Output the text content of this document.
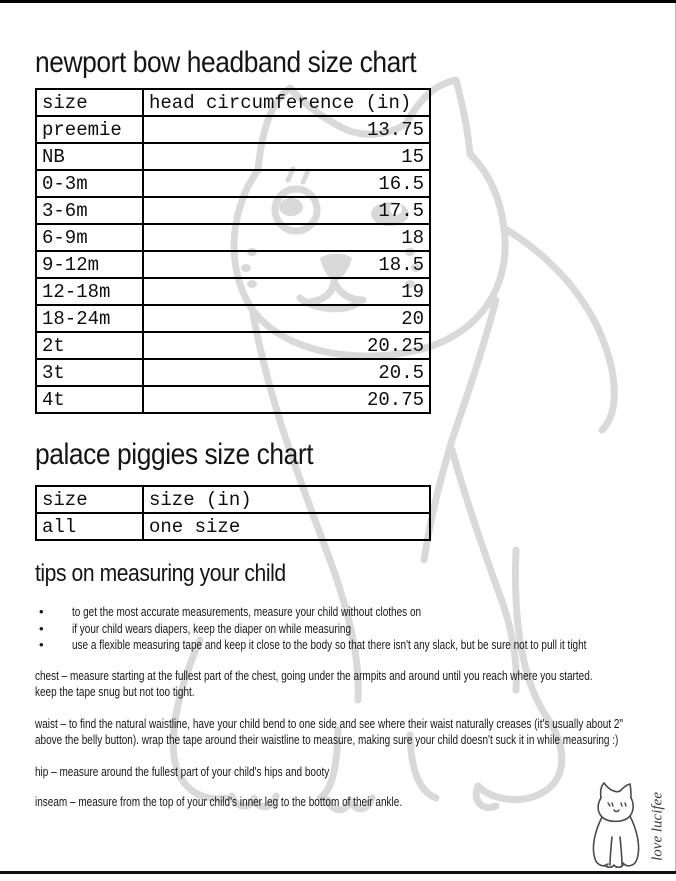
newport bow headband size chart
size	head circumference (in)
preemie	13.75
NB	15
0-3m	16.5
3-6m	17.5
6-9m	18
9-12m	18.5
12-18m	19
18-24m	20
2t	20.25
3t	20.5
4t	20.75
palace piggies size chart
size	size (in)
all	one size
tips on measuring your child
• to get the most accurate measurements, measure your child without clothes on
• if your child wears diapers, keep the diaper on while measuring
• use a flexible measuring tape and keep it close to the body so that there isn't any slack, but be sure not to pull it tight
chest – measure starting at the fullest part of the chest, going under the armpits and around until you reach where you started.
keep the tape snug but not too tight.
waist – to find the natural waistline, have your child bend to one side and see where their waist naturally creases (it's usually about 2"
above the belly button). wrap the tape around their waistline to measure, making sure your child doesn't suck it in while measuring :)
hip – measure around the fullest part of your child's hips and booty
inseam – measure from the top of your child's inner leg to the bottom of their ankle.	love lucifee
